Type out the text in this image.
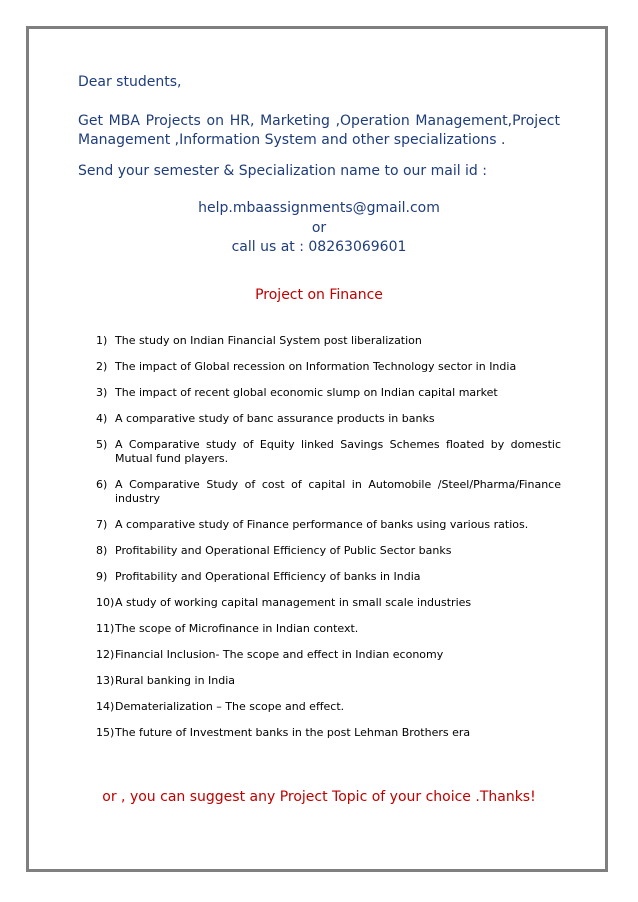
Dear students,

Get MBA Projects on HR, Marketing ,Operation Management,Project Management ,Information System and other specializations .

Send your semester & Specialization name to our mail id :

help.mbaassignments@gmail.com
or
call us at : 08263069601

Project on Finance

1) The study on Indian Financial System post liberalization
2) The impact of Global recession on Information Technology sector in India
3) The impact of recent global economic slump on Indian capital market
4) A comparative study of banc assurance products in banks
5) A Comparative study of Equity linked Savings Schemes floated by domestic Mutual fund players.
6) A Comparative Study of cost of capital in Automobile /Steel/Pharma/Finance industry
7) A comparative study of Finance performance of banks using various ratios.
8) Profitability and Operational Efficiency of Public Sector banks
9) Profitability and Operational Efficiency of banks in India
10) A study of working capital management in small scale industries
11) The scope of Microfinance in Indian context.
12) Financial Inclusion- The scope and effect in Indian economy
13) Rural banking in India
14) Dematerialization – The scope and effect.
15) The future of Investment banks in the post Lehman Brothers era

or , you can suggest any Project Topic of your choice .Thanks!
